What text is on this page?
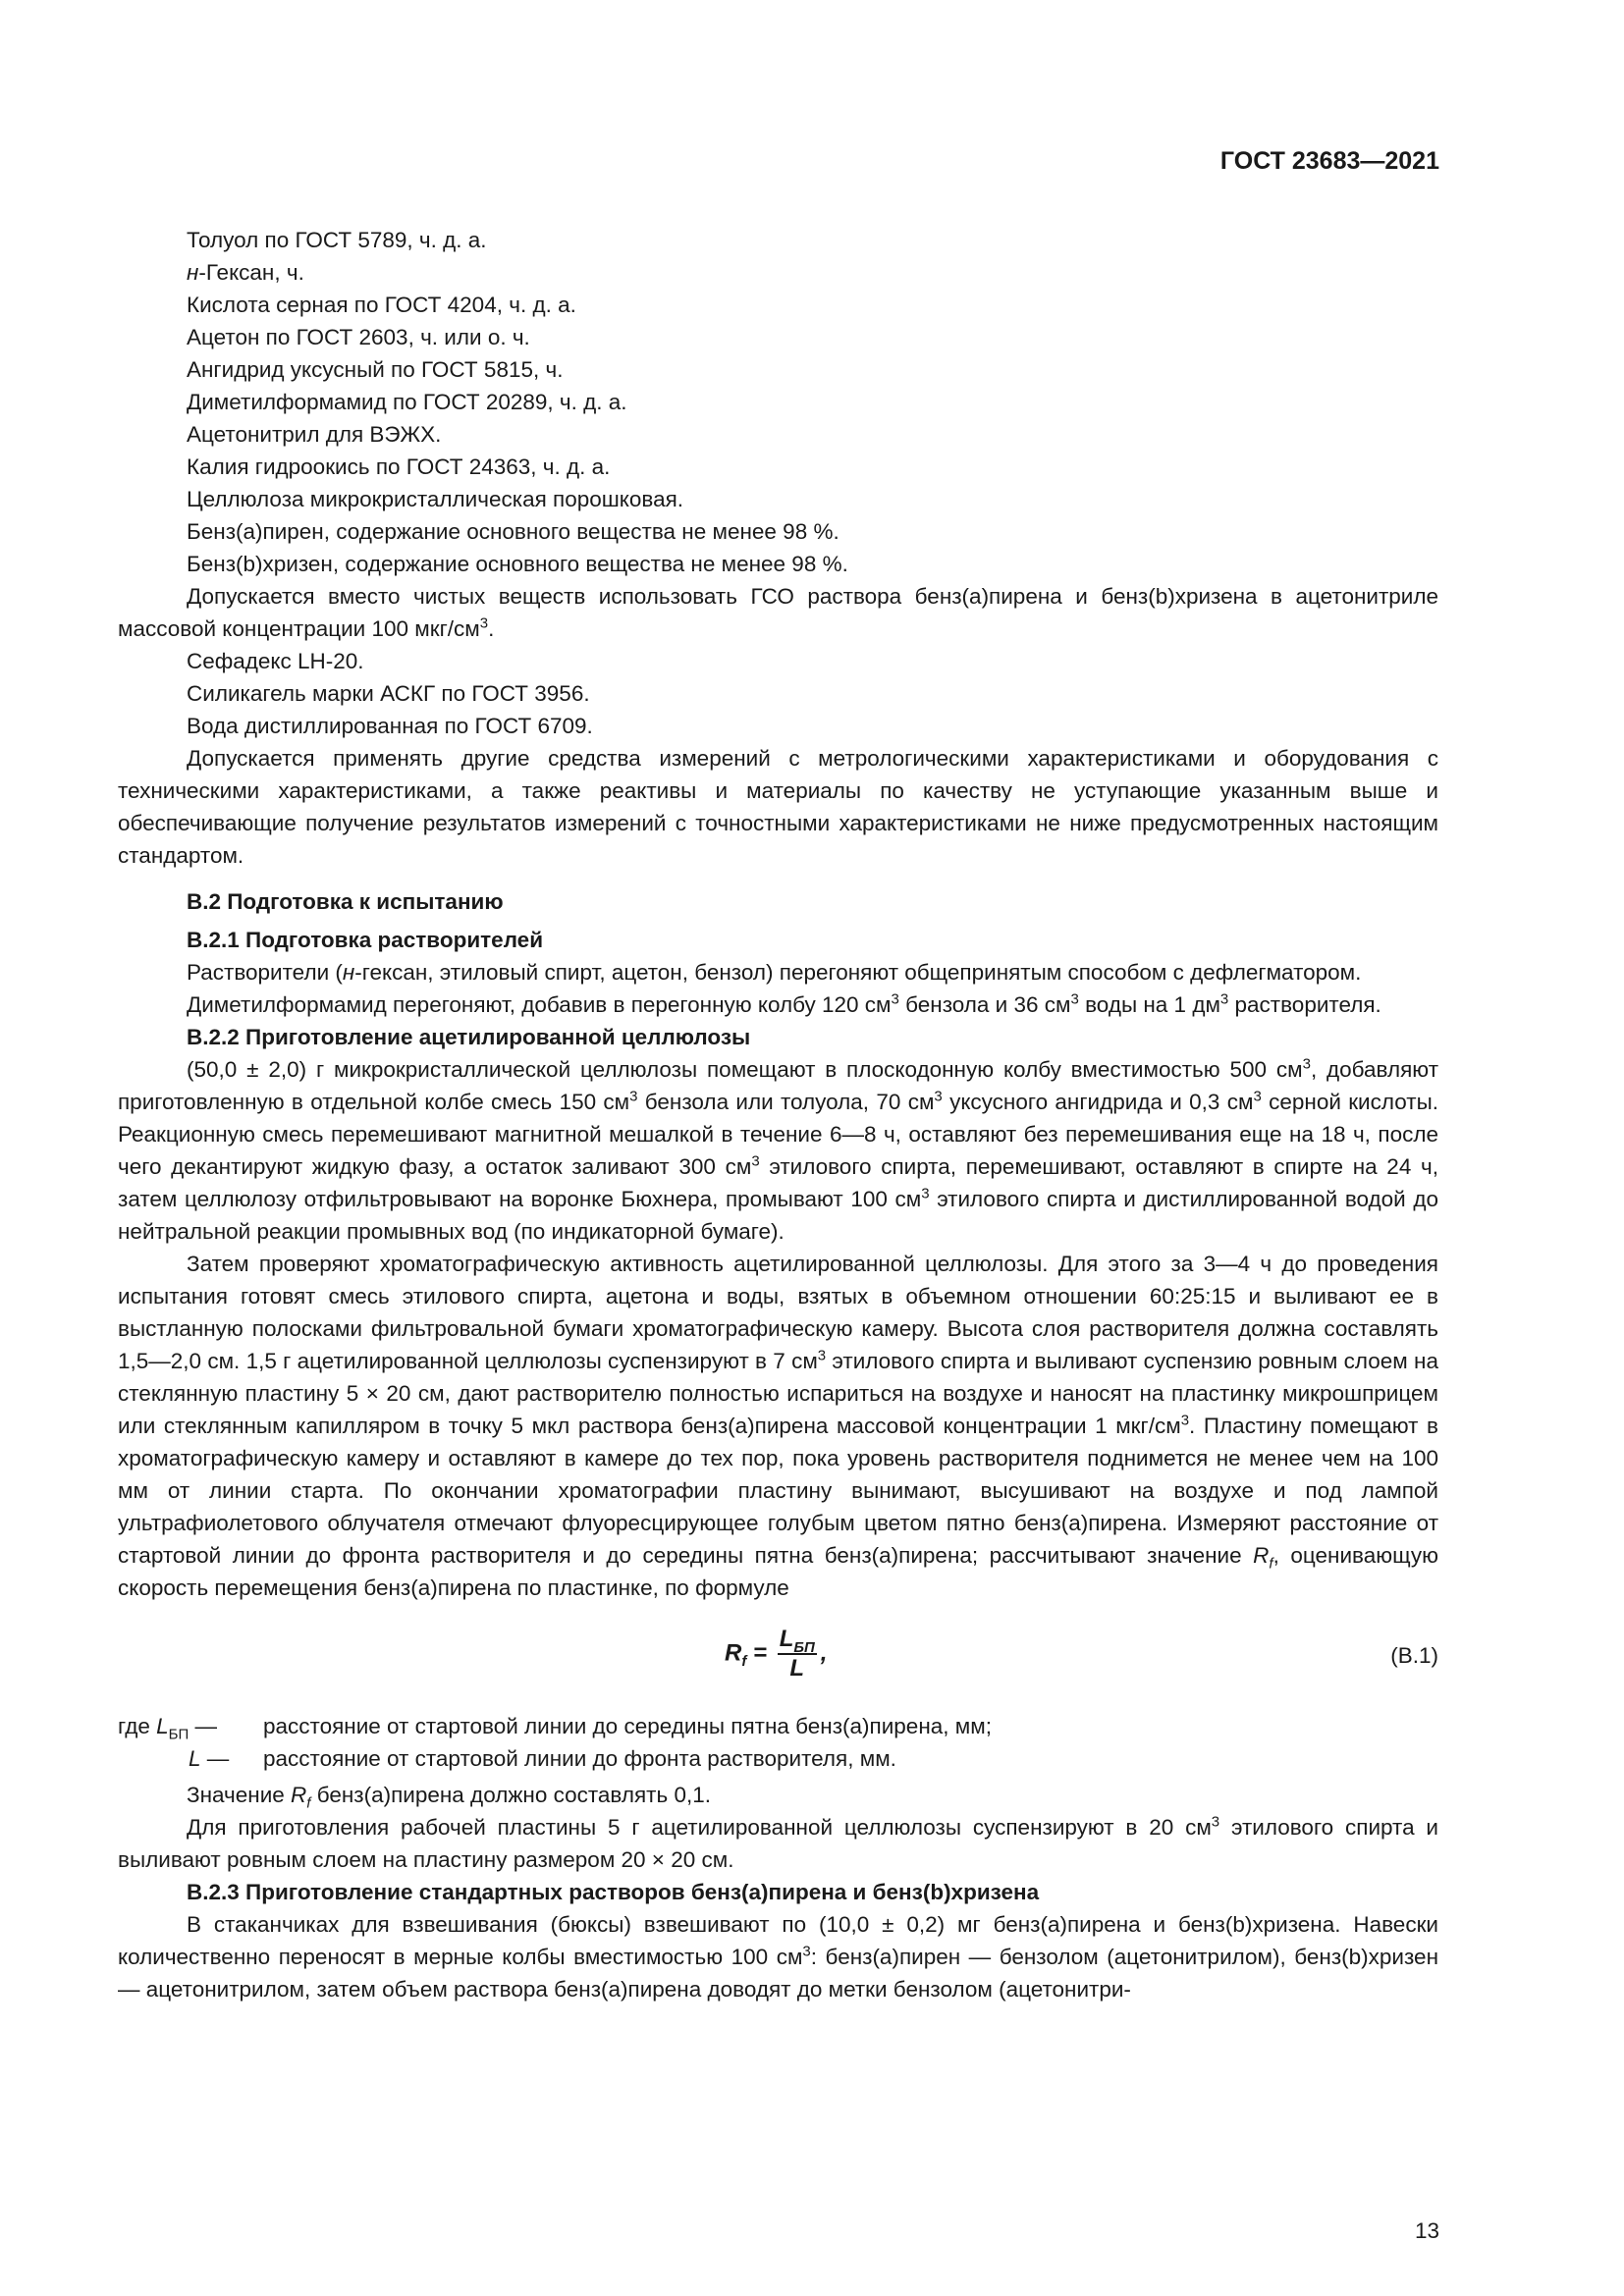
ГОСТ 23683—2021

Толуол по ГОСТ 5789, ч. д. а.

н-Гексан, ч.

Кислота серная по ГОСТ 4204, ч. д. а.

Ацетон по ГОСТ 2603, ч. или о. ч.

Ангидрид уксусный по ГОСТ 5815, ч.

Диметилформамид по ГОСТ 20289, ч. д. а.

Ацетонитрил для ВЭЖХ.

Калия гидроокись по ГОСТ 24363, ч. д. а.

Целлюлоза микрокристаллическая порошковая.

Бенз(а)пирен, содержание основного вещества не менее 98 %.

Бенз(b)хризен, содержание основного вещества не менее 98 %.

Допускается вместо чистых веществ использовать ГСО раствора бенз(а)пирена и бенз(b)хризена в ацетонитриле массовой концентрации 100 мкг/$см^3$.

Сефадекс LH-20.

Силикагель марки АСКГ по ГОСТ 3956.

Вода дистиллированная по ГОСТ 6709.

Допускается применять другие средства измерений с метрологическими характеристиками и оборудования с техническими характеристиками, а также реактивы и материалы по качеству не уступающие указанным выше и обеспечивающие получение результатов измерений с точностными характеристиками не ниже предусмотренных настоящим стандартом.

В.2 Подготовка к испытанию

В.2.1 Подготовка растворителей

Растворители (н-гексан, этиловый спирт, ацетон, бензол) перегоняют общепринятым способом с дефлегматором.

Диметилформамид перегоняют, добавив в перегонную колбу 120 $см^3$ бензола и 36 $см^3$ воды на 1 $дм^3$ растворителя.

В.2.2 Приготовление ацетилированной целлюлозы

(50,0 ± 2,0) г микрокристаллической целлюлозы помещают в плоскодонную колбу вместимостью 500 $см^3$, добавляют приготовленную в отдельной колбе смесь 150 $см^3$ бензола или толуола, 70 $см^3$ уксусного ангидрида и 0,3 $см^3$ серной кислоты. Реакционную смесь перемешивают магнитной мешалкой в течение 6—8 ч, оставляют без перемешивания еще на 18 ч, после чего декантируют жидкую фазу, а остаток заливают 300 $см^3$ этилового спирта, перемешивают, оставляют в спирте на 24 ч, затем целлюлозу отфильтровывают на воронке Бюхнера, промывают 100 $см^3$ этилового спирта и дистиллированной водой до нейтральной реакции промывных вод (по индикаторной бумаге).

Затем проверяют хроматографическую активность ацетилированной целлюлозы. Для этого за 3—4 ч до проведения испытания готовят смесь этилового спирта, ацетона и воды, взятых в объемном отношении 60:25:15 и выливают ее в выстланную полосками фильтровальной бумаги хроматографическую камеру. Высота слоя растворителя должна составлять 1,5—2,0 см. 1,5 г ацетилированной целлюлозы суспензируют в 7 $см^3$ этилового спирта и выливают суспензию ровным слоем на стеклянную пластину 5 × 20 см, дают растворителю полностью испариться на воздухе и наносят на пластинку микрошприцем или стеклянным капилляром в точку 5 мкл раствора бенз(а)пирена массовой концентрации 1 мкг/$см^3$. Пластину помещают в хроматографическую камеру и оставляют в камере до тех пор, пока уровень растворителя поднимется не менее чем на 100 мм от линии старта. По окончании хроматографии пластину вынимают, высушивают на воздухе и под лампой ультрафиолетового облучателя отмечают флуоресцирующее голубым цветом пятно бенз(а)пирена. Измеряют расстояние от стартовой линии до фронта растворителя и до середины пятна бенз(а)пирена; рассчитывают значение $R_f$, оценивающую скорость перемещения бенз(а)пирена по пластинке, по формуле

$R_f = \frac{L_{БП}}{L}$ ,	(В.1)
где $L_{БП}$ —	расстояние от стартовой линии до середины пятна бенз(а)пирена, мм;
L —	расстояние от стартовой линии до фронта растворителя, мм.

Значение $R_f$ бенз(а)пирена должно составлять 0,1.

Для приготовления рабочей пластины 5 г ацетилированной целлюлозы суспензируют в 20 $см^3$ этилового спирта и выливают ровным слоем на пластину размером 20 × 20 см.

В.2.3 Приготовление стандартных растворов бенз(а)пирена и бенз(b)хризена

В стаканчиках для взвешивания (бюксы) взвешивают по (10,0 ± 0,2) мг бенз(а)пирена и бенз(b)хризена. Навески количественно переносят в мерные колбы вместимостью 100 $см^3$: бенз(а)пирен — бензолом (ацетонитрилом), бенз(b)хризен — ацетонитрилом, затем объем раствора бенз(а)пирена доводят до метки бензолом (ацетонитри-

13
